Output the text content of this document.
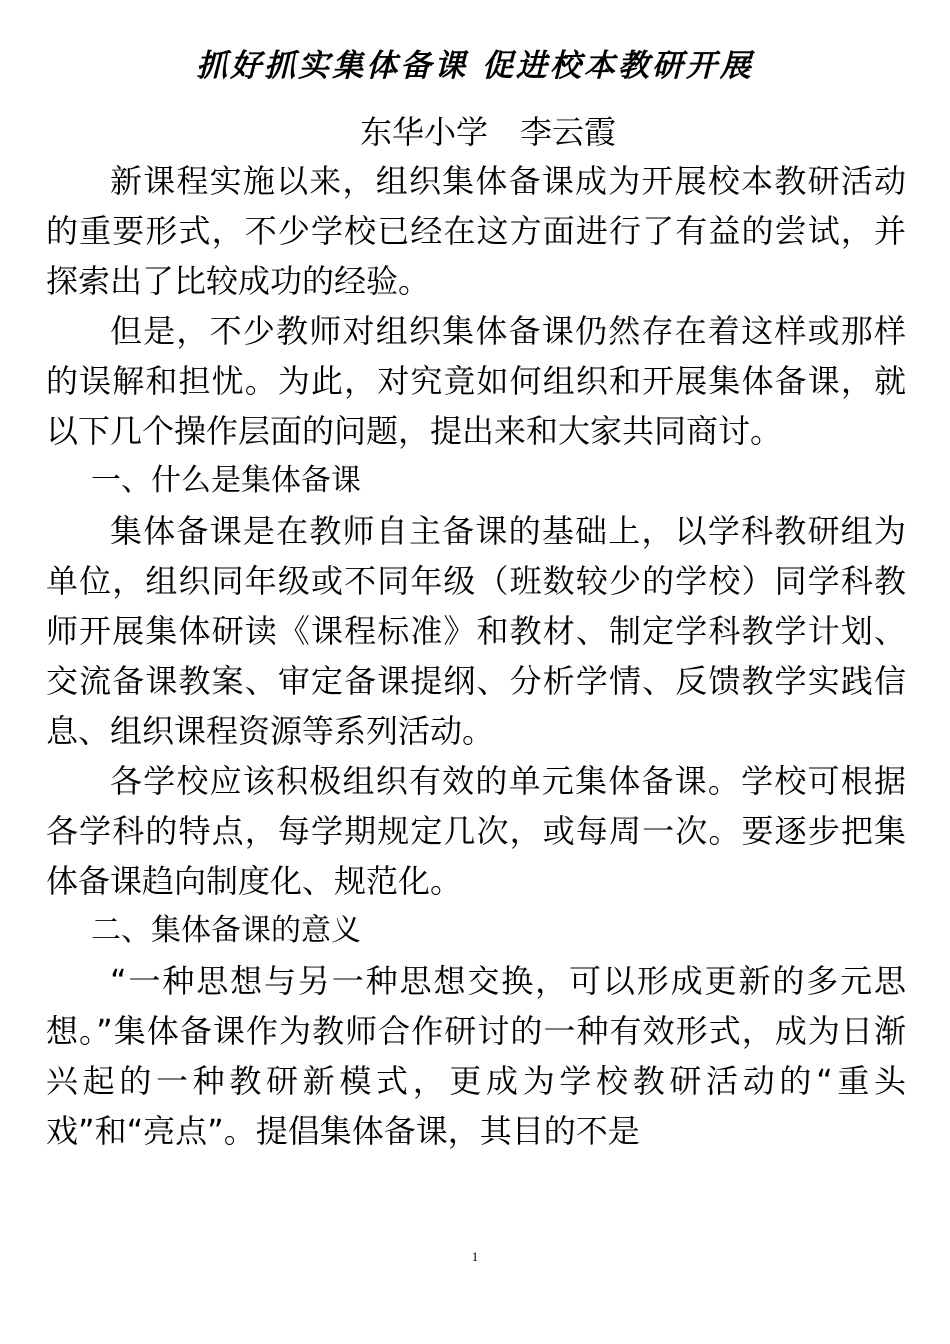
抓好抓实集体备课 促进校本教研开展
东华小学　李云霞

新课程实施以来，组织集体备课成为开展校本教研活动的重要形式，不少学校已经在这方面进行了有益的尝试，并探索出了比较成功的经验。

但是，不少教师对组织集体备课仍然存在着这样或那样的误解和担忧。为此，对究竟如何组织和开展集体备课，就以下几个操作层面的问题，提出来和大家共同商讨。

一、什么是集体备课

集体备课是在教师自主备课的基础上，以学科教研组为单位，组织同年级或不同年级（班数较少的学校）同学科教师开展集体研读《课程标准》和教材、制定学科教学计划、交流备课教案、审定备课提纲、分析学情、反馈教学实践信息、组织课程资源等系列活动。

各学校应该积极组织有效的单元集体备课。学校可根据各学科的特点，每学期规定几次，或每周一次。要逐步把集体备课趋向制度化、规范化。

二、集体备课的意义

“一种思想与另一种思想交换，可以形成更新的多元思想。”集体备课作为教师合作研讨的一种有效形式，成为日渐兴起的一种教研新模式，更成为学校教研活动的“重头戏”和“亮点”。提倡集体备课，其目的不是

1
